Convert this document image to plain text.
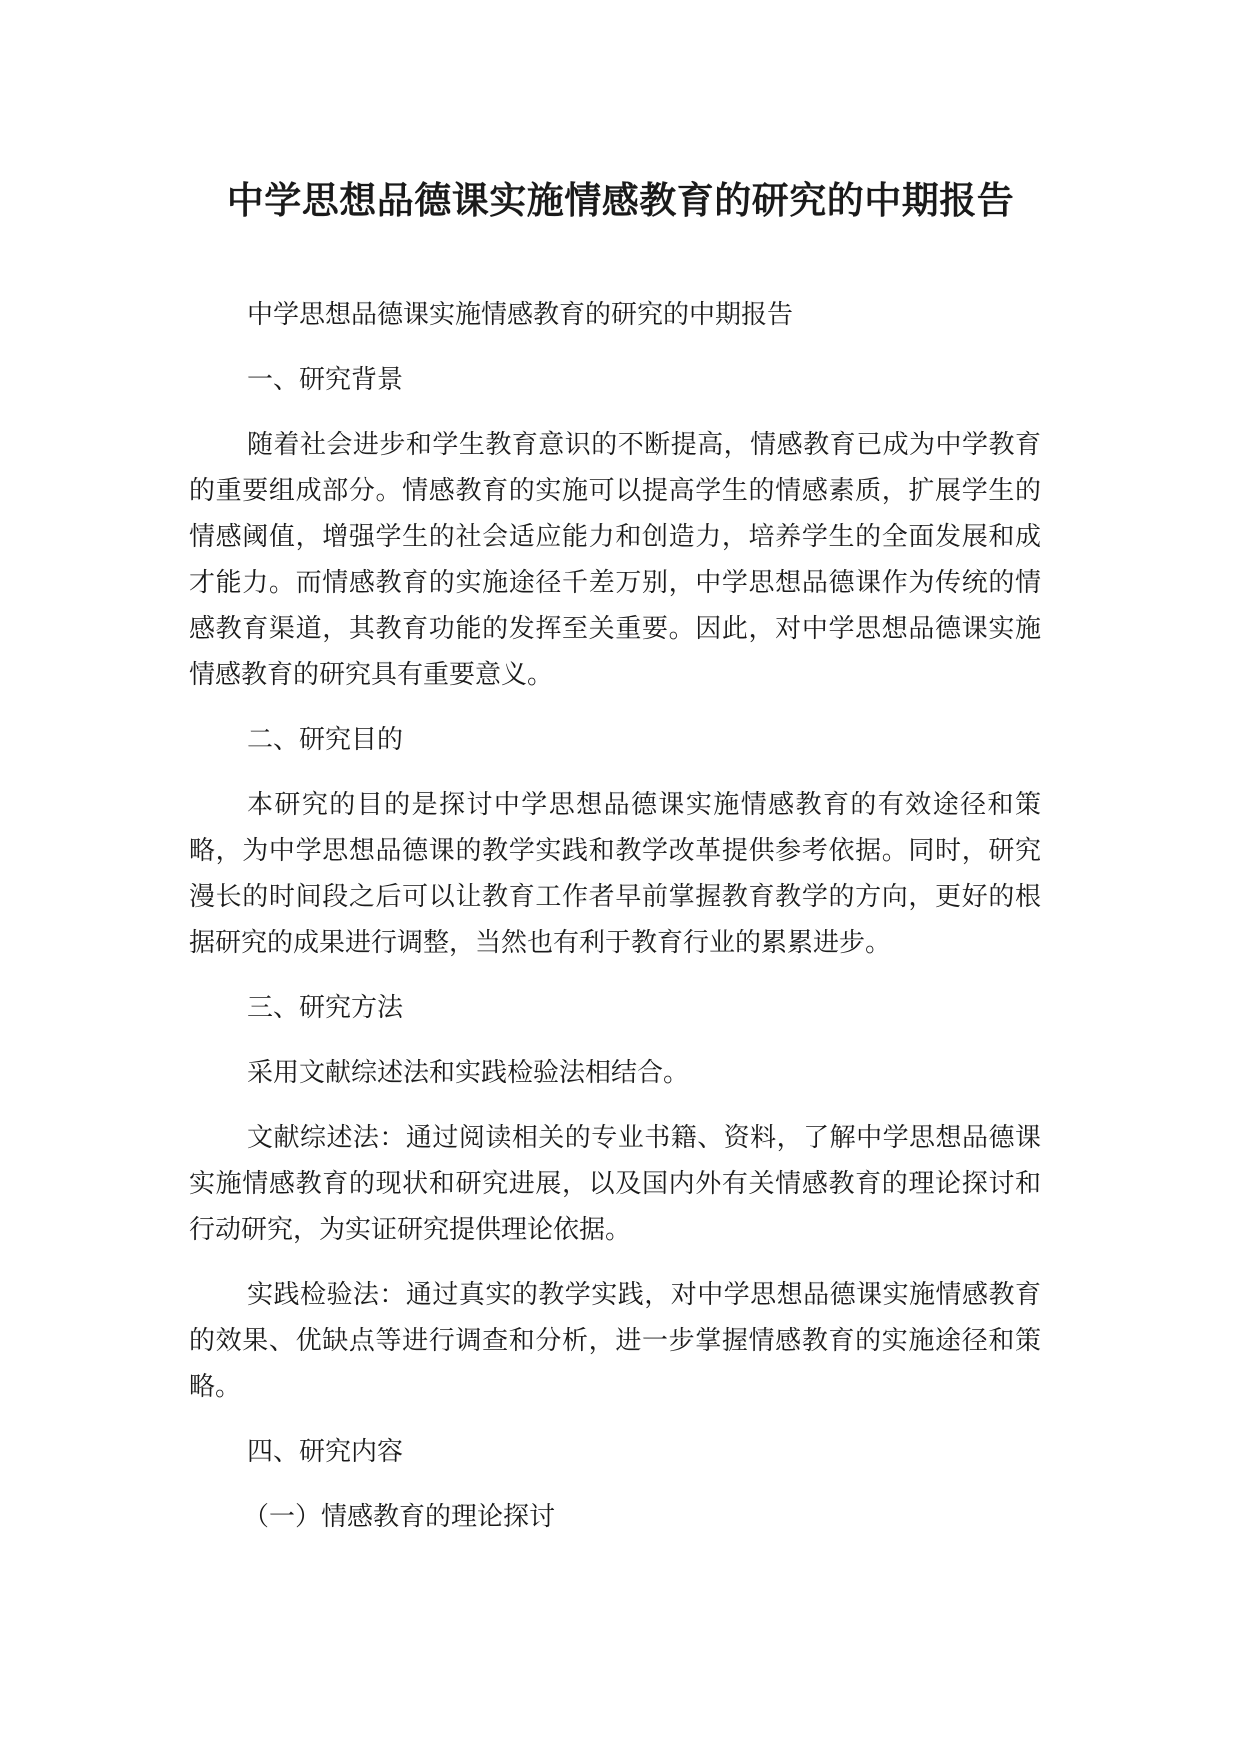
中学思想品德课实施情感教育的研究的中期报告

中学思想品德课实施情感教育的研究的中期报告

一、研究背景

随着社会进步和学生教育意识的不断提高，情感教育已成为中学教育的重要组成部分。情感教育的实施可以提高学生的情感素质，扩展学生的情感阈值，增强学生的社会适应能力和创造力，培养学生的全面发展和成才能力。而情感教育的实施途径千差万别，中学思想品德课作为传统的情感教育渠道，其教育功能的发挥至关重要。因此，对中学思想品德课实施情感教育的研究具有重要意义。

二、研究目的

本研究的目的是探讨中学思想品德课实施情感教育的有效途径和策略，为中学思想品德课的教学实践和教学改革提供参考依据。同时，研究漫长的时间段之后可以让教育工作者早前掌握教育教学的方向，更好的根据研究的成果进行调整，当然也有利于教育行业的累累进步。

三、研究方法

采用文献综述法和实践检验法相结合。

文献综述法：通过阅读相关的专业书籍、资料，了解中学思想品德课实施情感教育的现状和研究进展，以及国内外有关情感教育的理论探讨和行动研究，为实证研究提供理论依据。

实践检验法：通过真实的教学实践，对中学思想品德课实施情感教育的效果、优缺点等进行调查和分析，进一步掌握情感教育的实施途径和策略。

四、研究内容

（一）情感教育的理论探讨
